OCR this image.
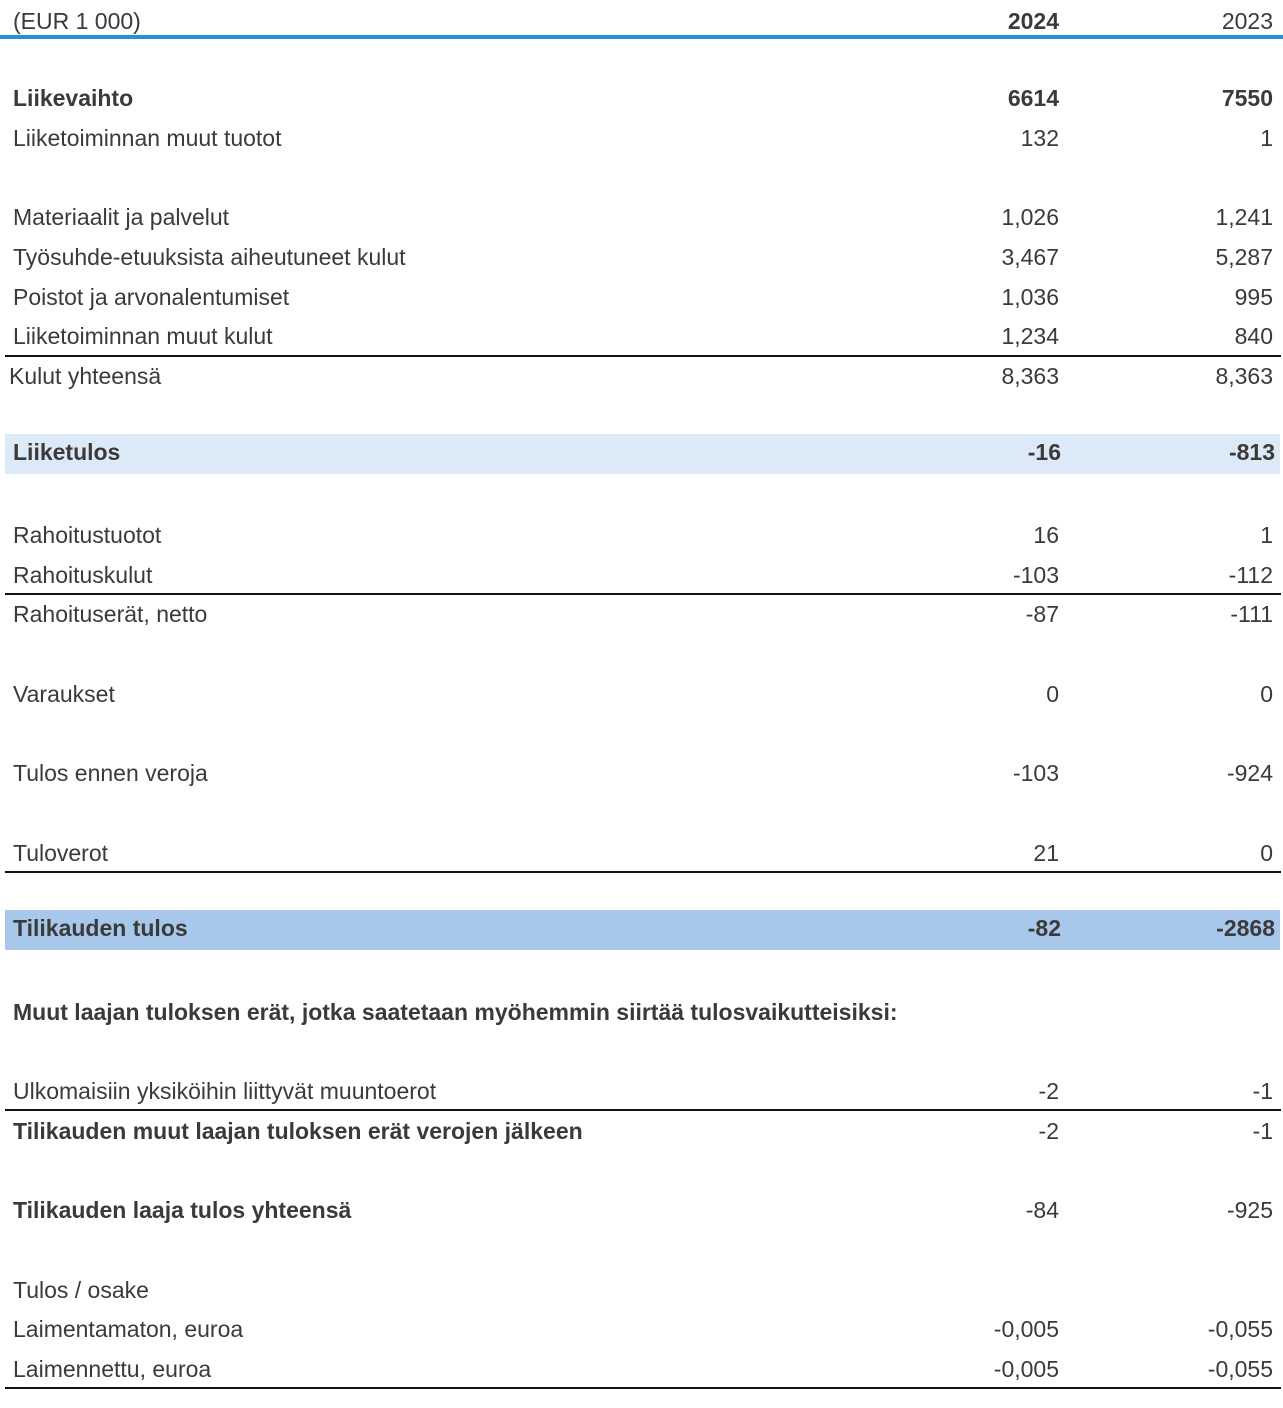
(EUR 1 000)	2024	2023
Liikevaihto	6614	7550
Liiketoiminnan muut tuotot	132	1
Materiaalit ja palvelut	1,026	1,241
Työsuhde-etuuksista aiheutuneet kulut	3,467	5,287
Poistot ja arvonalentumiset	1,036	995
Liiketoiminnan muut kulut	1,234	840
Kulut yhteensä	8,363	8,363
Liiketulos	-16	-813
Rahoitustuotot	16	1
Rahoituskulut	-103	-112
Rahoituserät, netto	-87	-111
Varaukset	0	0
Tulos ennen veroja	-103	-924
Tuloverot	21	0
Tilikauden tulos	-82	-2868
Muut laajan tuloksen erät, jotka saatetaan myöhemmin siirtää tulosvaikutteisiksi:
Ulkomaisiin yksiköihin liittyvät muuntoerot	-2	-1
Tilikauden muut laajan tuloksen erät verojen jälkeen	-2	-1
Tilikauden laaja tulos yhteensä	-84	-925
Tulos / osake
Laimentamaton, euroa	-0,005	-0,055
Laimennettu, euroa	-0,005	-0,055
